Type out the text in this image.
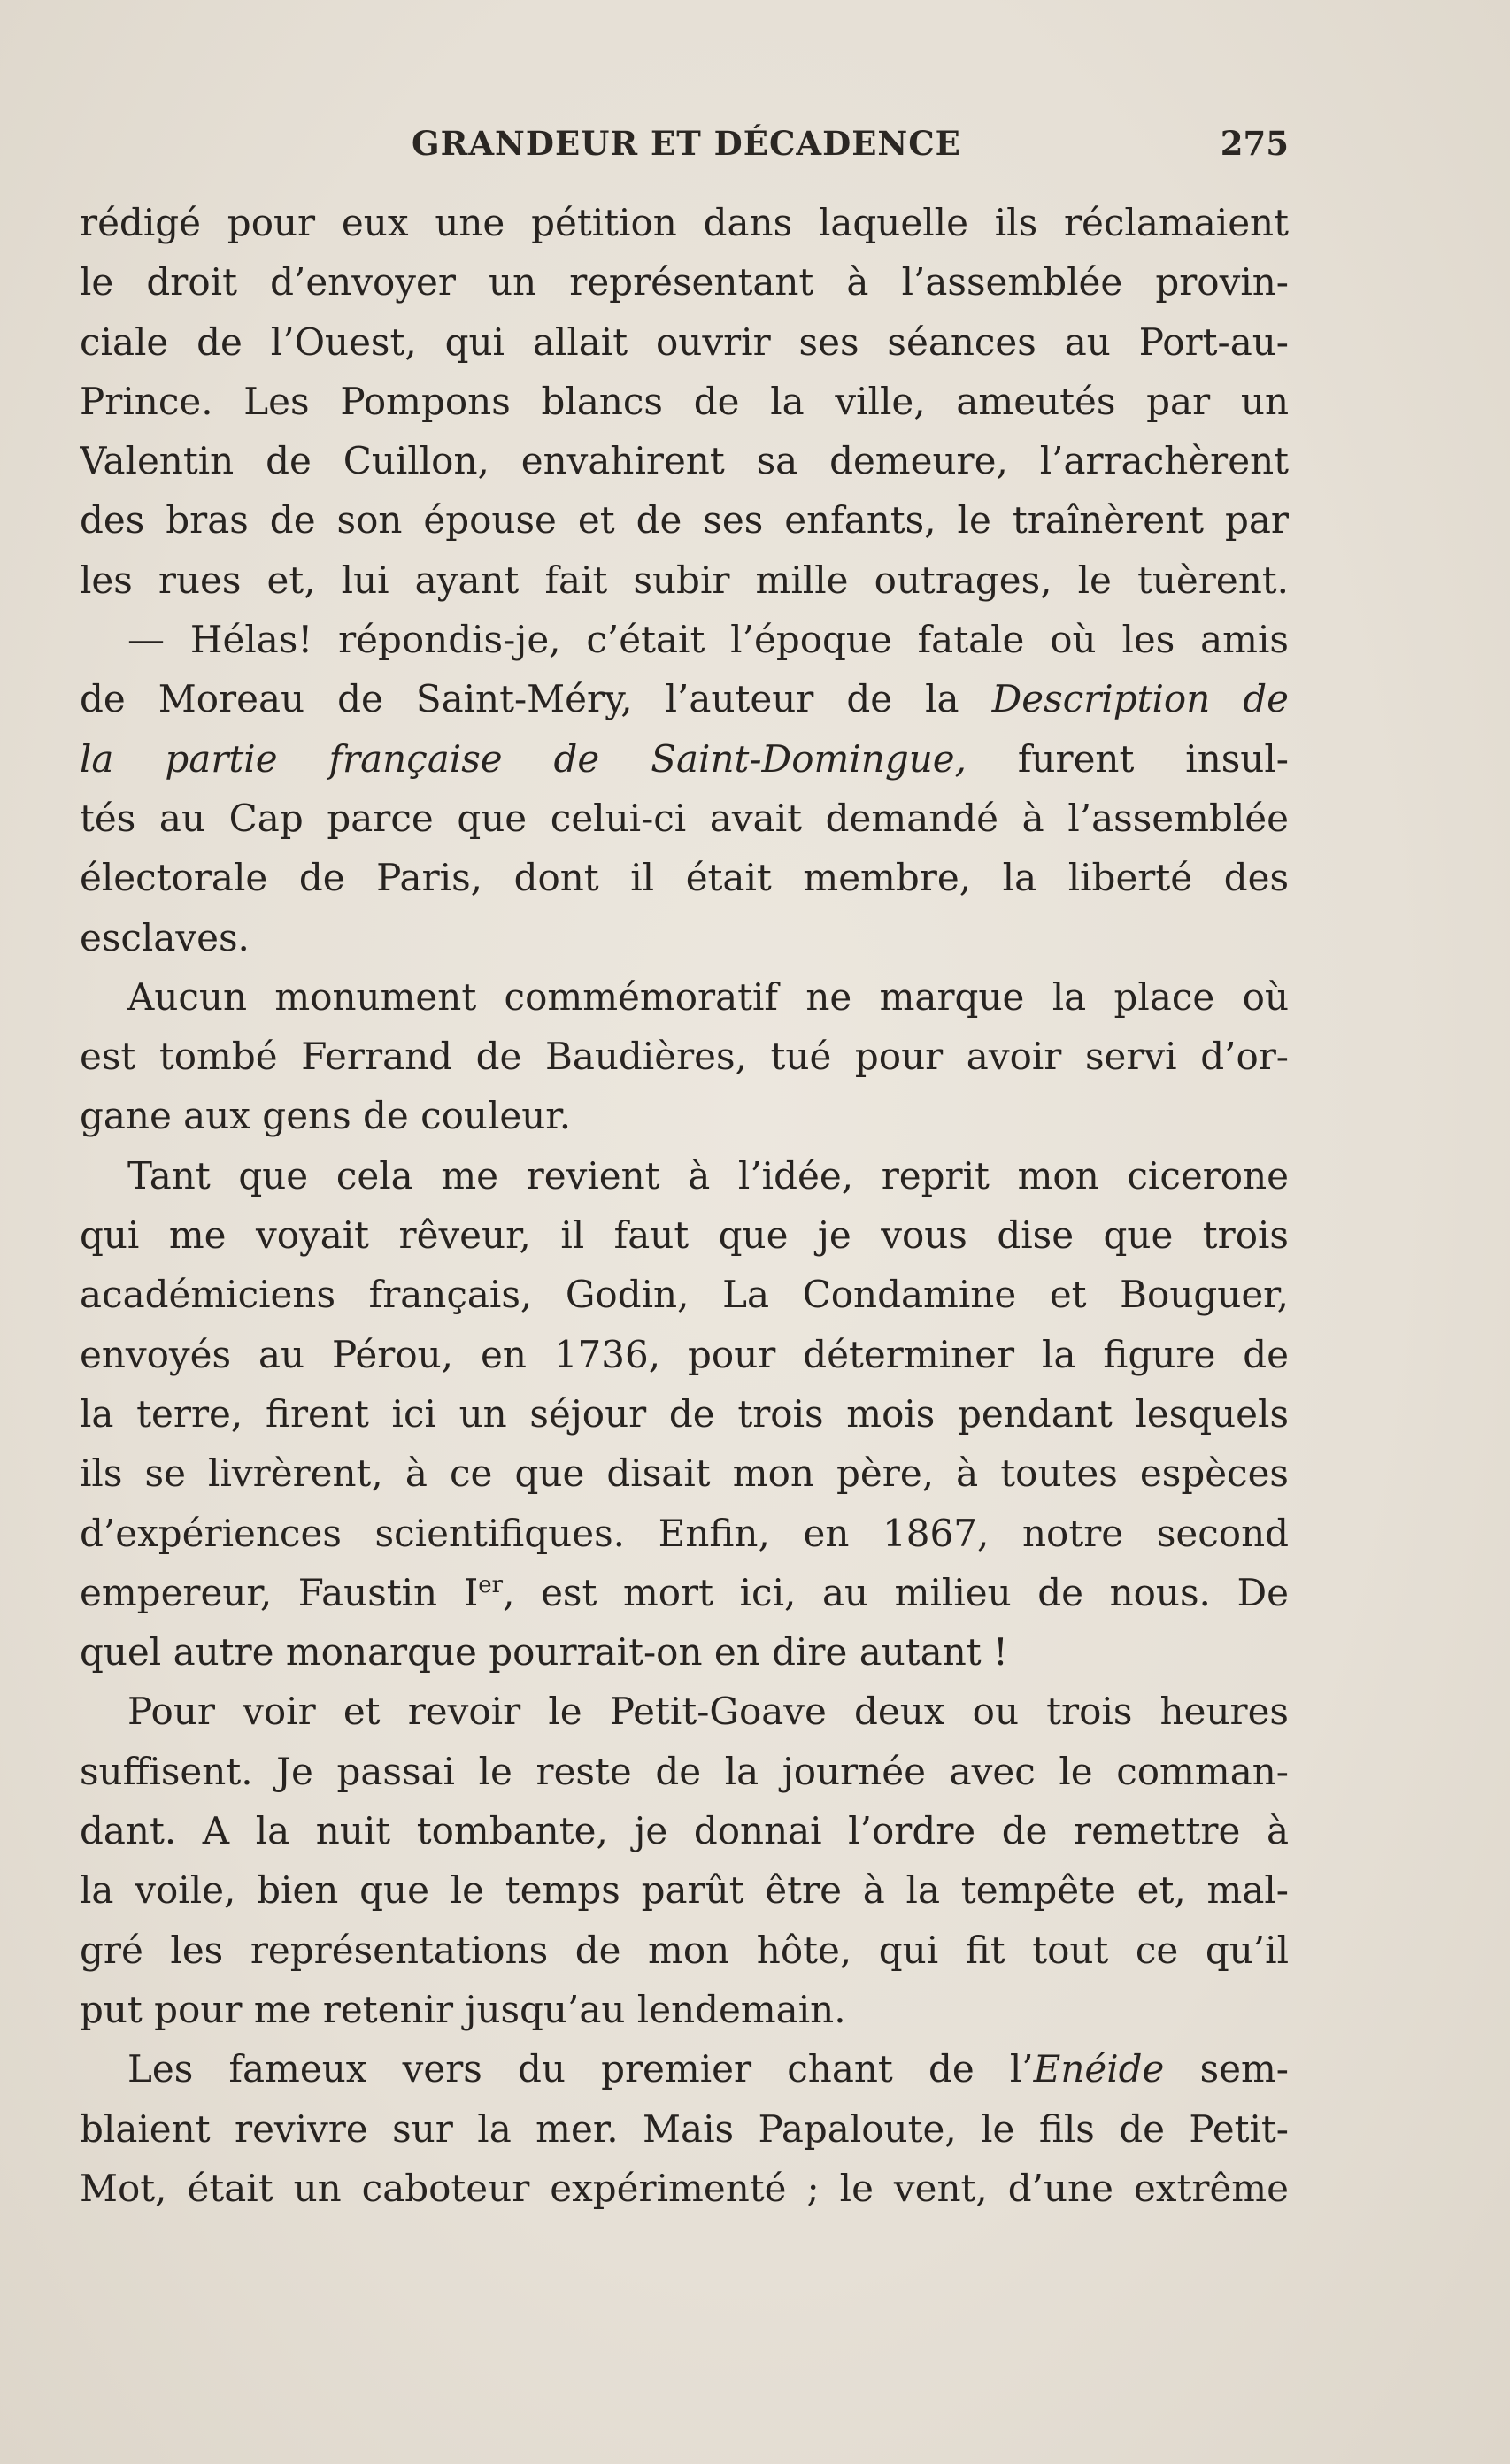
GRANDEUR ET DÉCADENCE	275
rédigé pour eux une pétition dans laquelle ils réclamaient
le droit d’envoyer un représentant à l’assemblée provin-
ciale de l’Ouest, qui allait ouvrir ses séances au Port-au-
Prince. Les Pompons blancs de la ville, ameutés par un
Valentin de Cuillon, envahirent sa demeure, l’arrachèrent
des bras de son épouse et de ses enfants, le traînèrent par
les rues et, lui ayant fait subir mille outrages, le tuèrent.
— Hélas! répondis-je, c’était l’époque fatale où les amis
de Moreau de Saint-Méry, l’auteur de la Description de
la partie française de Saint-Domingue, furent insul-
tés au Cap parce que celui-ci avait demandé à l’assemblée
électorale de Paris, dont il était membre, la liberté des
esclaves.
Aucun monument commémoratif ne marque la place où
est tombé Ferrand de Baudières, tué pour avoir servi d’or-
gane aux gens de couleur.
Tant que cela me revient à l’idée, reprit mon cicerone
qui me voyait rêveur, il faut que je vous dise que trois
académiciens français, Godin, La Condamine et Bouguer,
envoyés au Pérou, en 1736, pour déterminer la figure de
la terre, firent ici un séjour de trois mois pendant lesquels
ils se livrèrent, à ce que disait mon père, à toutes espèces
d’expériences scientifiques. Enfin, en 1867, notre second
empereur, Faustin Ier, est mort ici, au milieu de nous. De
quel autre monarque pourrait-on en dire autant !
Pour voir et revoir le Petit-Goave deux ou trois heures
suffisent. Je passai le reste de la journée avec le comman-
dant. A la nuit tombante, je donnai l’ordre de remettre à
la voile, bien que le temps parût être à la tempête et, mal-
gré les représentations de mon hôte, qui fit tout ce qu’il
put pour me retenir jusqu’au lendemain.
Les fameux vers du premier chant de l’Enéide sem-
blaient revivre sur la mer. Mais Papaloute, le fils de Petit-
Mot, était un caboteur expérimenté ; le vent, d’une extrême
